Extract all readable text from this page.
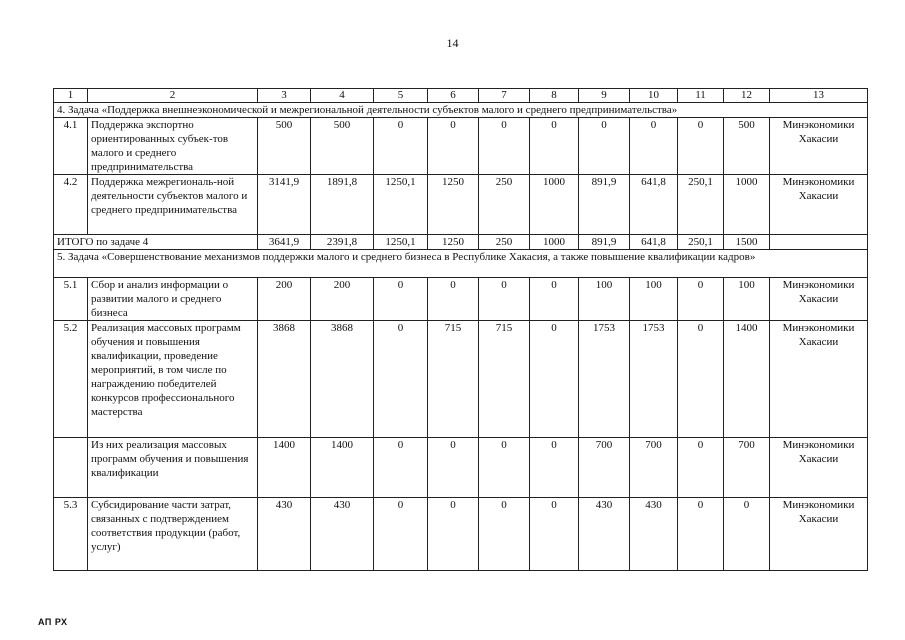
14
1	2	3	4	5	6	7	8	9	10	11	12	13
4. Задача «Поддержка внешнеэкономической и межрегиональной деятельности субъектов малого и среднего предпринимательства»												
4.1	Поддержка экспортно ориентированных субъек-тов малого и среднего предпринимательства	500	500	0	0	0	0	0	0	0	500	Минэкономики Хакасии
4.2	Поддержка межрегиональ-ной деятельности субъектов малого и среднего предпринимательства	3141,9	1891,8	1250,1	1250	250	1000	891,9	641,8	250,1	1000	Минэкономики Хакасии
ИТОГО по задаче 4		3641,9	2391,8	1250,1	1250	250	1000	891,9	641,8	250,1	1500	
5. Задача «Совершенствование механизмов поддержки малого и среднего бизнеса в Республике Хакасия, а также повышение квалификации кадров»												
5.1	Сбор и анализ информации о развитии малого и среднего бизнеса	200	200	0	0	0	0	100	100	0	100	Минэкономики Хакасии
5.2	Реализация массовых программ обучения и повышения квалификации, проведение мероприятий, в том числе по награждению победителей конкурсов профессионального мастерства	3868	3868	0	715	715	0	1753	1753	0	1400	Минэкономики Хакасии
	Из них реализация массовых программ обучения и повышения квалификации	1400	1400	0	0	0	0	700	700	0	700	Минэкономики Хакасии
5.3	Субсидирование части затрат, связанных с подтверждением соответствия продукции (работ, услуг)	430	430	0	0	0	0	430	430	0	0	Минэкономики Хакасии
АП РХ
